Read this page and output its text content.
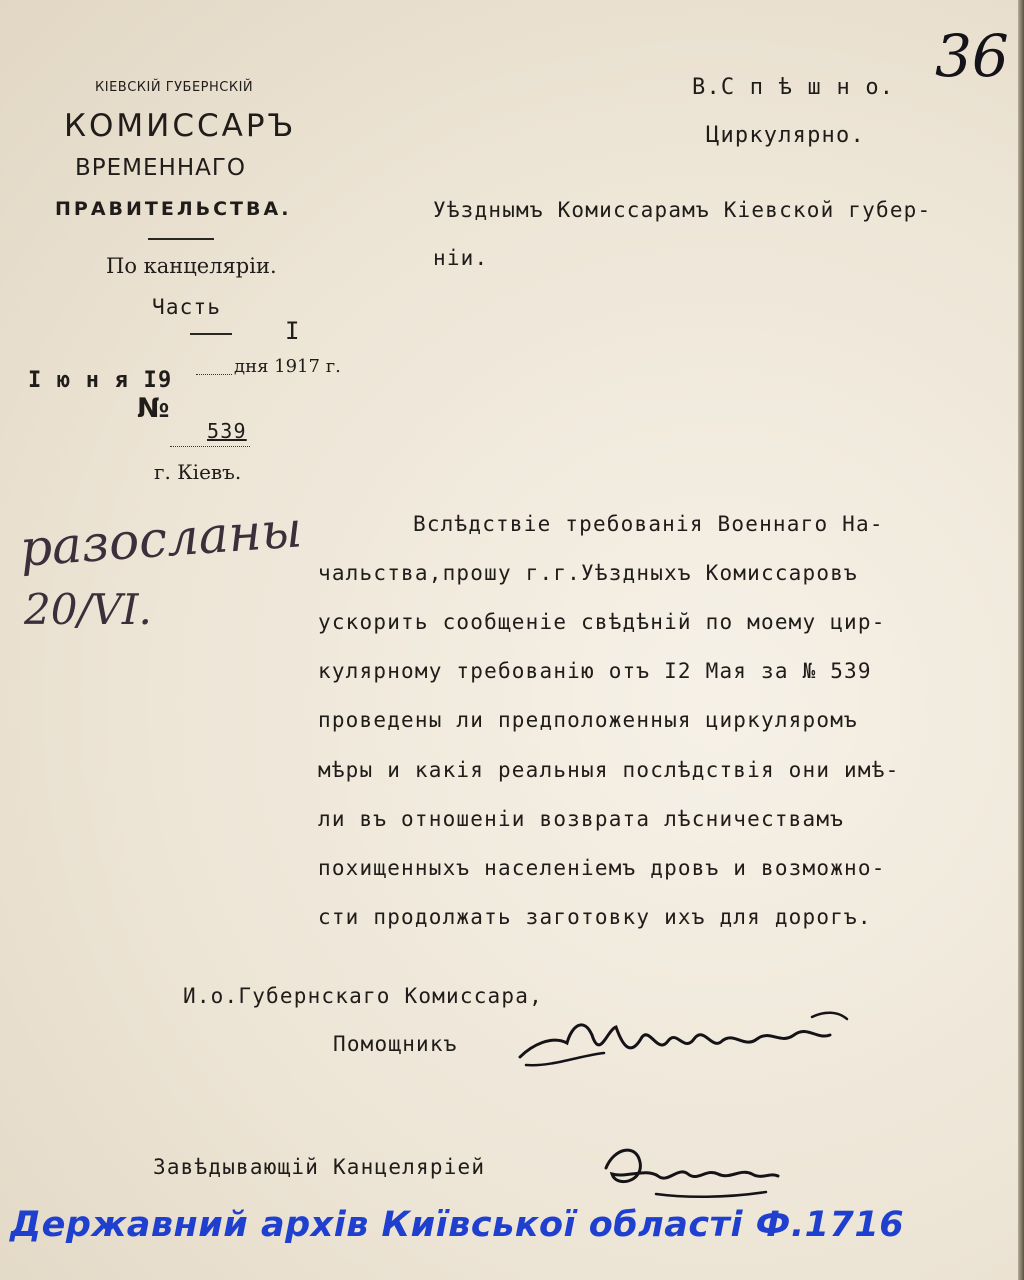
36
КІЕВСКІЙ ГУБЕРНСКІЙ
КОМИССАРЪ
ВРЕМЕННАГО
ПРАВИТЕЛЬСТВА.
По канцеляріи.
Часть
I
I ю н я I9
дня 1917 г.
№
539
г. Кіевъ.
В.С п ѣ ш н о.
Циркулярно.
Уѣзднымъ Комиссарамъ Кіевской губер-
ніи.
разосланы
20/VI.
Вслѣдствіе требованія Военнаго На-
чальства,прошу г.г.Уѣздныхъ Комиссаровъ
ускорить сообщеніе свѣдѣній по моему цир-
кулярному требованію отъ I2 Мая за № 539
проведены ли предположенныя циркуляромъ
мѣры и какія реальныя послѣдствія они имѣ-
ли въ отношеніи возврата лѣсничествамъ
похищенныхъ населеніемъ дровъ и возможно-
сти продолжать заготовку ихъ для дорогъ.
И.о.Губернскаго Комиссара,
Помощникъ
Завѣдывающій Канцеляріей
Державний архів Київської області Ф.1716
